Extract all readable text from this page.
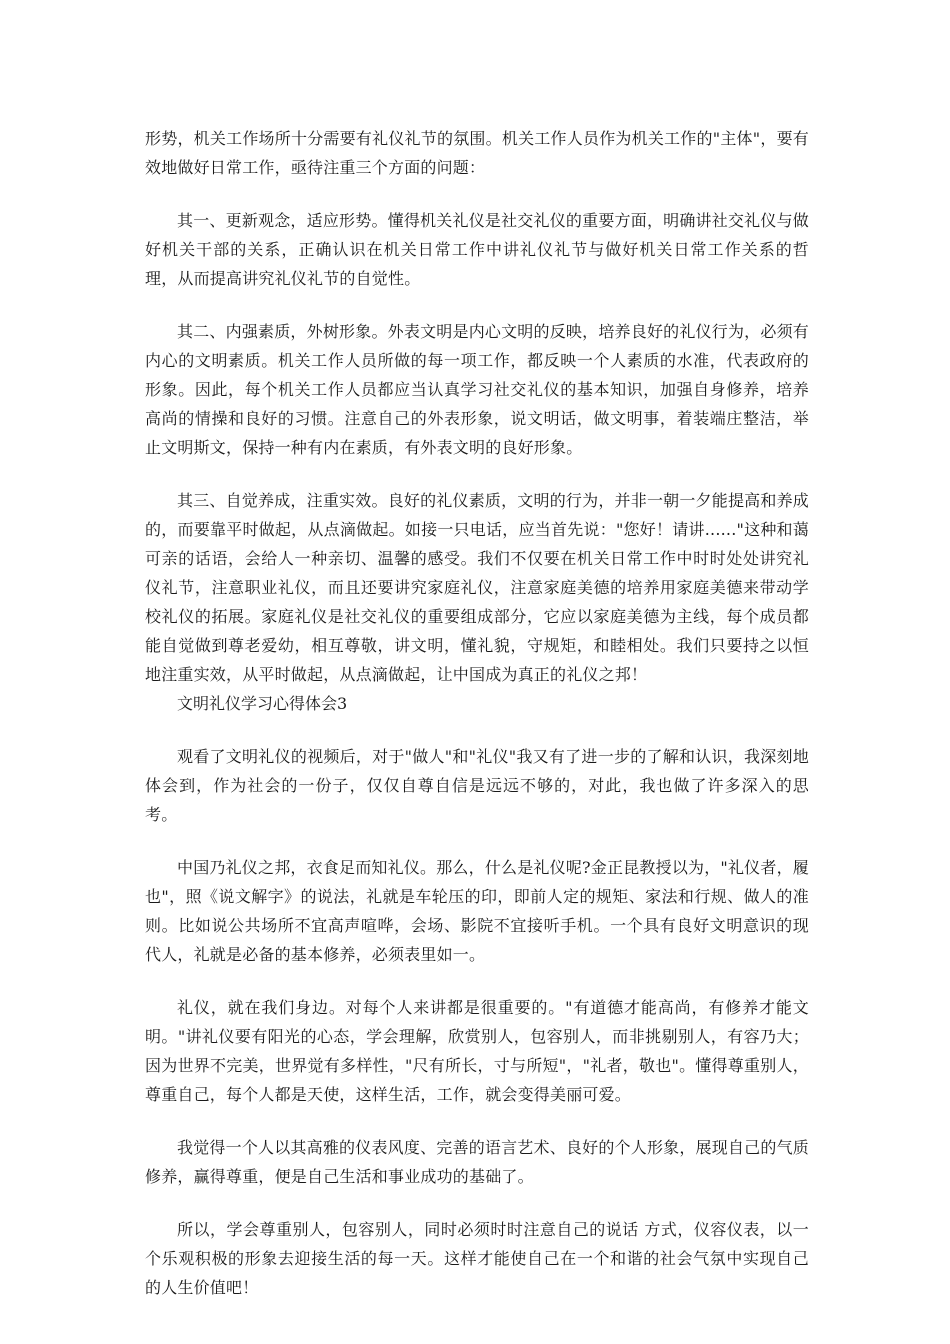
形势，机关工作场所十分需要有礼仪礼节的氛围。机关工作人员作为机关工作的"主体"，要有效地做好日常工作，亟待注重三个方面的问题：

其一、更新观念，适应形势。懂得机关礼仪是社交礼仪的重要方面，明确讲社交礼仪与做好机关干部的关系，正确认识在机关日常工作中讲礼仪礼节与做好机关日常工作关系的哲理，从而提高讲究礼仪礼节的自觉性。

其二、内强素质，外树形象。外表文明是内心文明的反映，培养良好的礼仪行为，必须有内心的文明素质。机关工作人员所做的每一项工作，都反映一个人素质的水准，代表政府的形象。因此，每个机关工作人员都应当认真学习社交礼仪的基本知识，加强自身修养，培养高尚的情操和良好的习惯。注意自己的外表形象，说文明话，做文明事，着装端庄整洁，举止文明斯文，保持一种有内在素质，有外表文明的良好形象。

其三、自觉养成，注重实效。良好的礼仪素质，文明的行为，并非一朝一夕能提高和养成的，而要靠平时做起，从点滴做起。如接一只电话，应当首先说："您好！请讲......"这种和蔼可亲的话语，会给人一种亲切、温馨的感受。我们不仅要在机关日常工作中时时处处讲究礼仪礼节，注意职业礼仪，而且还要讲究家庭礼仪，注意家庭美德的培养用家庭美德来带动学校礼仪的拓展。家庭礼仪是社交礼仪的重要组成部分，它应以家庭美德为主线，每个成员都能自觉做到尊老爱幼，相互尊敬，讲文明，懂礼貌，守规矩，和睦相处。我们只要持之以恒地注重实效，从平时做起，从点滴做起，让中国成为真正的礼仪之邦！

文明礼仪学习心得体会3

观看了文明礼仪的视频后，对于"做人"和"礼仪"我又有了进一步的了解和认识，我深刻地体会到，作为社会的一份子，仅仅自尊自信是远远不够的，对此，我也做了许多深入的思考。

中国乃礼仪之邦，衣食足而知礼仪。那么，什么是礼仪呢?金正昆教授以为，"礼仪者，履也"，照《说文解字》的说法，礼就是车轮压的印，即前人定的规矩、家法和行规、做人的准则。比如说公共场所不宜高声喧哗，会场、影院不宜接听手机。一个具有良好文明意识的现代人，礼就是必备的基本修养，必须表里如一。

礼仪，就在我们身边。对每个人来讲都是很重要的。"有道德才能高尚，有修养才能文明。"讲礼仪要有阳光的心态，学会理解，欣赏别人，包容别人，而非挑剔别人，有容乃大；因为世界不完美，世界觉有多样性，"尺有所长，寸与所短"，"礼者，敬也"。懂得尊重别人，尊重自己，每个人都是天使，这样生活，工作，就会变得美丽可爱。

我觉得一个人以其高雅的仪表风度、完善的语言艺术、良好的个人形象，展现自己的气质修养，赢得尊重，便是自己生活和事业成功的基础了。

所以，学会尊重别人，包容别人，同时必须时时注意自己的说话 方式，仪容仪表，以一个乐观积极的形象去迎接生活的每一天。这样才能使自己在一个和谐的社会气氛中实现自己的人生价值吧！
